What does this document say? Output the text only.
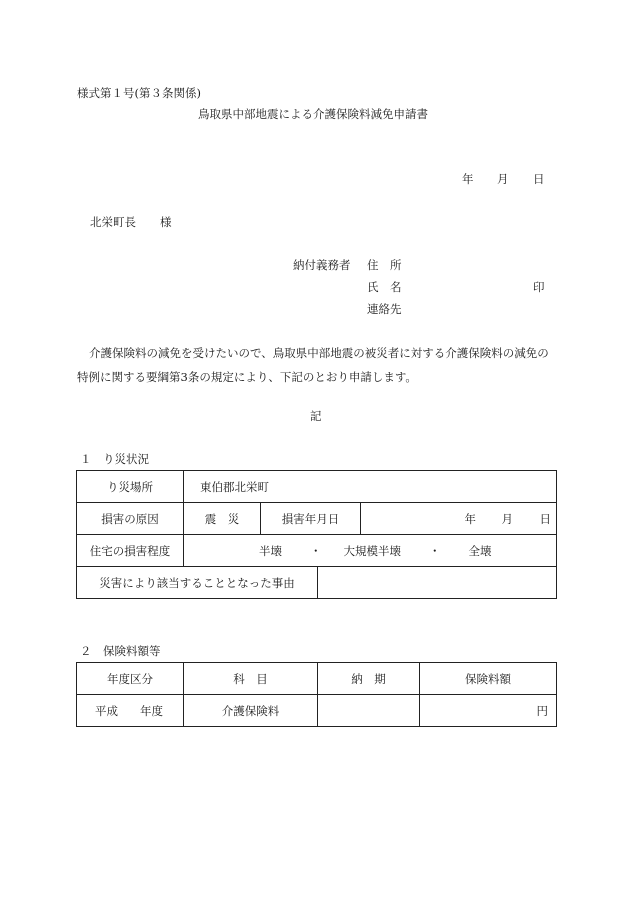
様式第１号(第３条関係)
鳥取県中部地震による介護保険料減免申請書
年 月 日
北栄町長 様
納付義務者 住　所
氏　名	印
連絡先
介護保険料の減免を受けたいので、鳥取県中部地震の被災者に対する介護保険料の減免の特例に関する要綱第3条の規定により、下記のとおり申請します。
記
１　り災状況
り災場所	東伯郡北栄町			
損害の原因	震　災	損害年月日		年 月 日
住宅の損害程度	半壊 ・ 大規模半壊 ・ 全壊			
災害により該当することとなった事由				
２　保険料額等
年度区分	科　目	納　期	保険料額
平成 年度	介護保険料		円
